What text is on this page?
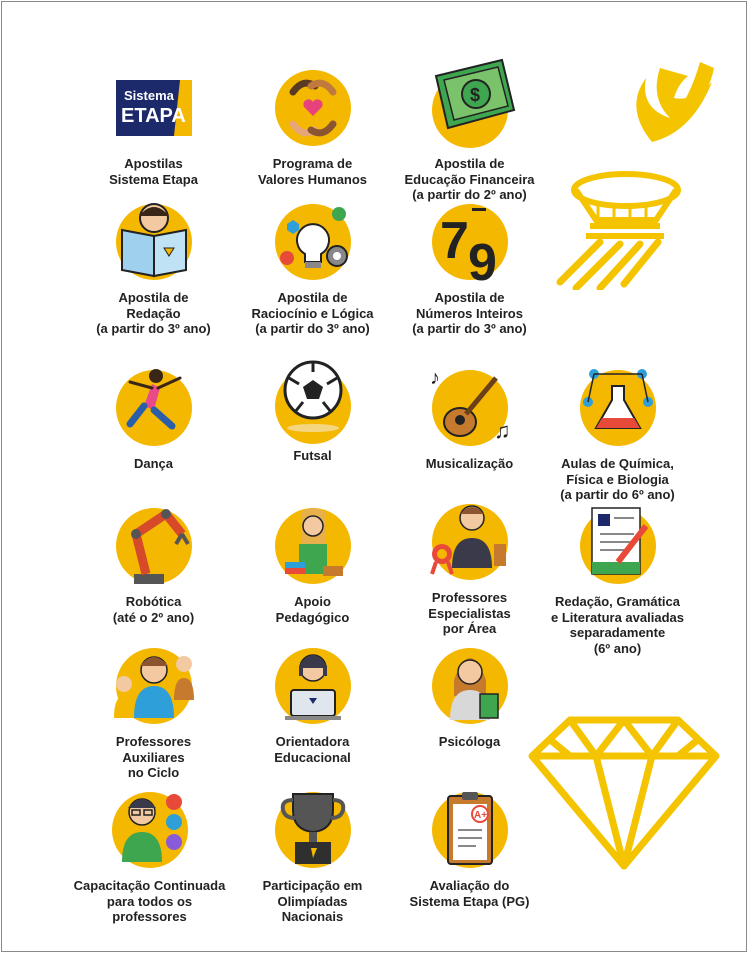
Sistema
ETAPA
Apostilas
Sistema Etapa
Programa de
Valores Humanos
$
Apostila de
Educação Financeira
(a partir do 2º ano)
Apostila de
Redação
(a partir do 3º ano)
Apostila de
Raciocínio e Lógica
(a partir do 3º ano)
7 9
Apostila de
Números Inteiros
(a partir do 3º ano)
Dança
Futsal
♪
♫
Musicalização	Aulas de Química,
Física e Biologia
(a partir do 6º ano)
Robótica
(até o 2º ano)
Apoio
Pedagógico
Professores
Especialistas
por Área
Redação, Gramática
e Literatura avaliadas
separadamente
(6º ano)
Professores
Auxiliares
no Ciclo
Orientadora
Educacional
Psicóloga
Capacitação Continuada
para todos os
professores
Participação em
Olimpíadas
Nacionais
A+
Avaliação do
Sistema Etapa (PG)
